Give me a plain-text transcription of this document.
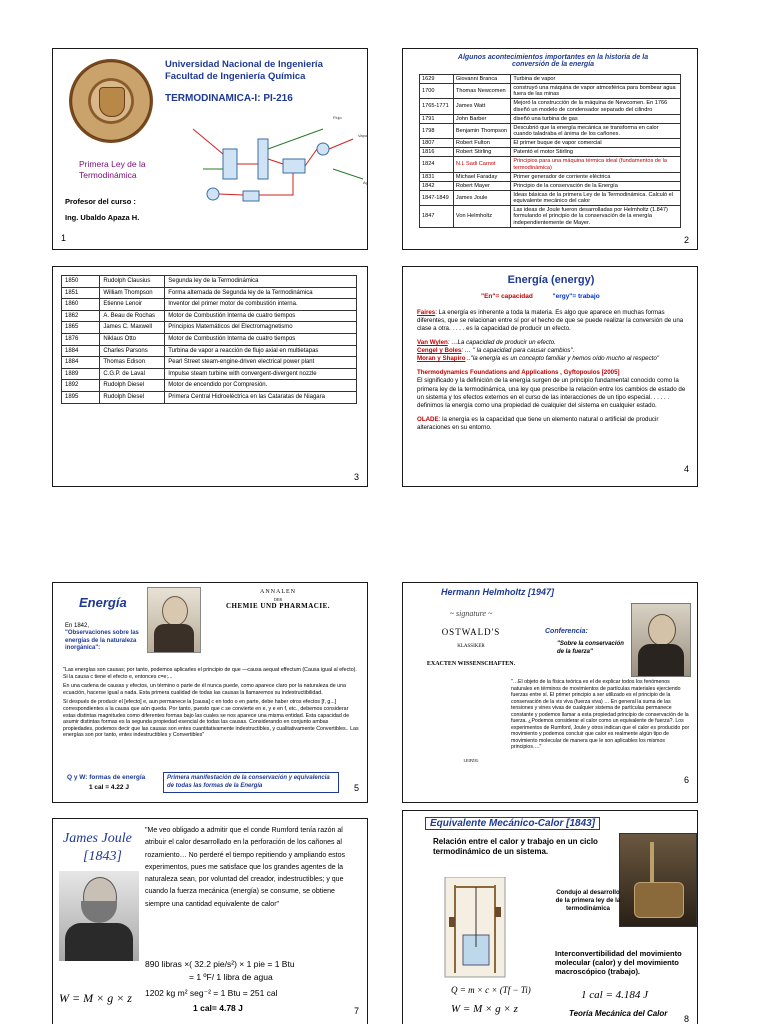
Universidad Nacional de Ingeniería
Facultad de Ingeniería Química
TERMODINAMICA-I: PI-216
Primera Ley de la Termodinámica
Profesor del curso :
Ing. Ubaldo Apaza H.
Flujo
Vapor
Agua
1
Algunos acontecimientos importantes en la historia de la conversión de la energía
1629	Giovanni Branca	Turbina de vapor
1700	Thomas Newcomen	construyó una máquina de vapor atmosférica para bombear agua fuera de las minas
1765-1771	James Watt	Mejoró la construcción de la máquina de Newcomen. En 1766 diseñó un modelo de condensador separado del cilindro
1791	John Barber	diseñó una turbina de gas
1798	Benjamin Thompson	Descubrió que la energía mecánica se transforma en calor cuando taladraba el ánima de los cañones.
1807	Robert Fulton	El primer buque de vapor comercial
1816	Robert Stirling	Patentó el motor Stirling
1824	N.L Sadi Carnot	Principios para una máquina térmica ideal (fundamentos de la termodinámica)
1831	Michael Faraday	Primer generador de corriente eléctrica
1842	Robert Mayer	Principio de la conservación de la Energía
1847-1849	James Joule	Ideas básicas de la primera Ley de la Termodinámica. Calculó el equivalente mecánico del calor
1847	Von Helmholtz	Las ideas de Joule fueron desarrolladas por Helmholtz (1.847) formulando el principio de la conservación de la energía independientemente de Mayer.
2
1850	Rudolph Clausius	Segunda ley de la Termodinámica
1851	William Thompson	Forma alternada de Segunda ley de la Termodinámica
1860	Etienne Lenoir	Inventor del primer motor de combustión interna.
1862	A. Beau de Rochas	Motor de Combustión Interna de cuatro tiempos
1865	James C. Maxwell	Principios Matemáticos del Electromagnetismo
1876	Niklaus Otto	Motor de Combustión Interna de cuatro tiempos
1884	Charles Parsons	Turbina de vapor a reacción de flujo axial en multietapas
1884	Thomas Edison	Pearl Street steam-engine-driven electrical power plant
1889	C.G.P. de Laval	Impulse steam turbine with convergent-divergent nozzle
1892	Rudolph Diesel	Motor de encendido por Compresión.
1895	Rudolph Diesel	Primera Central Hidroeléctrica en las Cataratas de Niagara
3
Energía (energy)
"En"= capacidad	"ergy"= trabajo

Faires: La energía es inherente a toda la materia. Es algo que aparece en muchas formas diferentes, que se relacionan entre sí por el hecho de que se puede realizar la conversión de una clase a otra. . . . . es la capacidad de producir un efecto.

Van Wylen: …La capacidad de producir un efecto.

Cengel y Boles: … " la capacidad para causar cambios".

Moran y Shapiro .."la energía es un concepto familiar y hemos oído mucho al respecto"

Thermodynamics Foundations and Applications , Gyftopoulos [2005]

El significado y la definición de la energía surgen de un principio fundamental conocido como la primera ley de la termodinámica, una ley que prescribe la relación entre los cambios de estado de un sistema y los efectos externos en el curso de las interacciones de un tipo especial. . . . . . definimos la energía como una propiedad de cualquier del sistema en cualquier estado.

OLADE: la energía es la capacidad que tiene un elemento natural o artificial de producir alteraciones en su entorno.

4
Energía
ANNALEN
DER
CHEMIE UND PHARMACIE.
En 1842,
"Observaciones sobre las energías de la naturaleza inorgánica":

"Las energías son causas; por tanto, podemos aplicarles el principio de que —causa aequat effectum (Causa igual al efecto). Si la causa c tiene el efecto e, entonces c=e;...

En una cadena de causas y efectos, un término o parte de él nunca puede, como aparece claro por la naturaleza de una ecuación, hacerse igual a nada. Esta primera cualidad de todas las causas la llamaremos su indestructibilidad.

Si después de producir el [efecto] e, aun permanece la [causa] c en todo o en parte, debe haber otros efectos [f, g...] correspondientes a la causa que aún queda. Por tanto, puesto que c se convierte en e, y e en f, etc., debemos considerar estas distintas magnitudes como diferentes formas bajo las cuales se nos aparece una misma entidad. Esta capacidad de asumir distintas formas es la segunda propiedad esencial de todas las causas. Considerando en conjunto ambas propiedades, podemos decir que las causas son entes cuantitativamente indestructibles, y cualitativamente Convertibles.. Las energías son por tanto, entes indestructibles y Convertibles"

Q y W: formas de energía
1 cal = 4.22 J
Primera manifestación de la conservación y equivalencia de todas las formas de la Energía	5
Hermann Helmholtz [1947]
~ signature ~
OSTWALD'S
KLASSIKER
EXACTEN WISSENSCHAFTEN.
LEIPZIG
Conferencia:
"Sobre la conservación de la fuerza"
"…El objeto de la física teórica es el de explicar todos los fenómenos naturales en términos de movimientos de partículas materiales ejerciendo fuerzas entre sí. El primer principio a ser utilizado es el principio de la conservación de la vis viva (fuerza viva) … En general la suma de las tensiones y vines vivas de cualquier sistema de partículas permanece constante y podemos llamar a esta propiedad principio de conservación de la fuerza. ¿Podemos considerar el calor como un equivalente de fuerza?. Los experimentos de Rumford, Joule y otros indican que el calor es producido por movimiento y podemos concluir que calor es realmente algún tipo de movimiento molecular de manera que le son aplicables los mismos principios…."
6
James Joule
[1843]
"Me veo obligado a admitir que el conde Rumford tenía razón al atribuir el calor desarrollado en la perforación de los cañones al rozamiento… No perderé el tiempo repitiendo y ampliando estos experimentos, pues me satisface que los grandes agentes de la naturaleza sean, por voluntad del creador, indestructibles; y que cuando la fuerza mecánica (energía) se consume, se obtiene siempre una cantidad equivalente de calor"
890 libras ×( 32.2 pie/s²) × 1 pie = 1 Btu
= 1 ºF/ 1 libra de agua
1202 kg m² seg⁻² = 1 Btu = 251 cal
1 cal= 4.78 J
W = M × g × z
7
Equivalente Mecánico-Calor [1843]
Relación entre el calor y trabajo en un ciclo termodinámico de un sistema.
Condujo al desarrollo de la primera ley de la termodinámica
Interconvertibilidad del movimiento molecular (calor) y del movimiento macroscópico (trabajo).
Q = m × c × (Tf − Ti)
W = M × g × z
1 cal = 4.184 J
Teoría Mecánica del Calor
8
